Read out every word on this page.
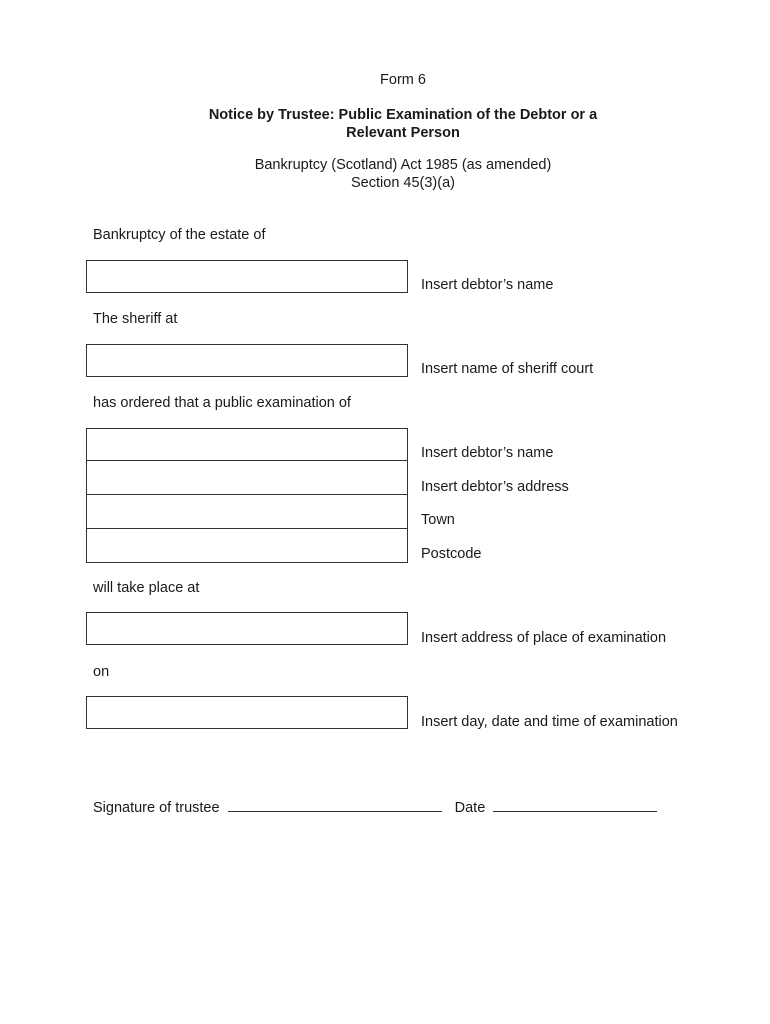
Form 6
Notice by Trustee: Public Examination of the Debtor or a
Relevant Person
Bankruptcy (Scotland) Act 1985 (as amended)
Section 45(3)(a)
Bankruptcy of the estate of
Insert debtor’s name
The sheriff at
Insert name of sheriff court
has ordered that a public examination of
Insert debtor’s name
Insert debtor’s address
Town
Postcode
will take place at
Insert address of place of examination
on
Insert day, date and time of examination
Signature of trustee	Date
